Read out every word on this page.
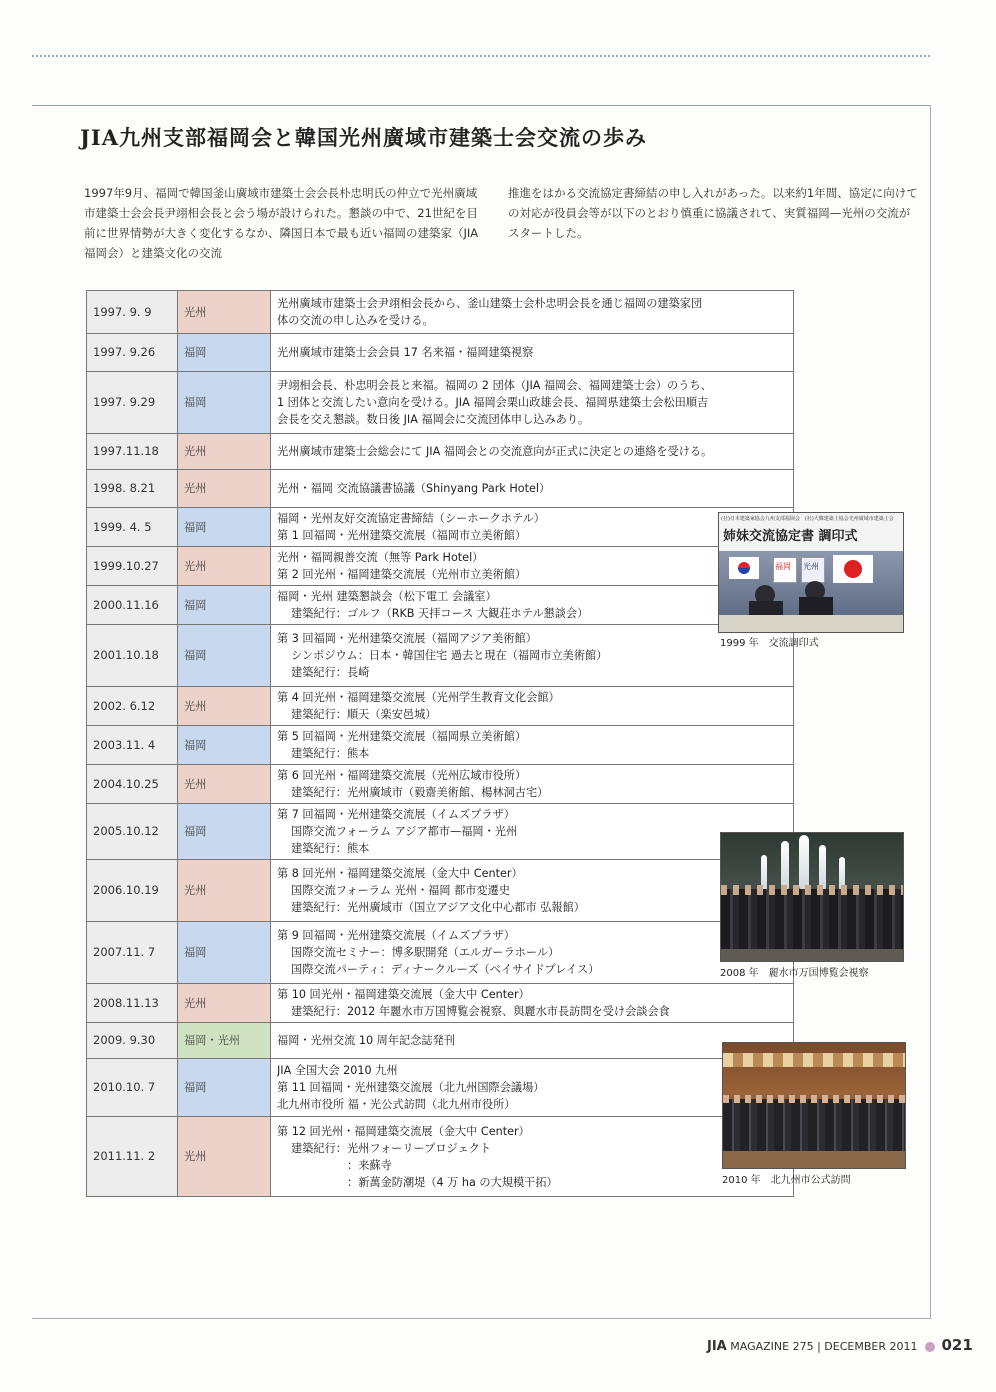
JIA九州支部福岡会と韓国光州廣域市建築士会交流の歩み
1997年9月、福岡で韓国釜山廣域市建築士会会長朴忠明氏の仲立で光州廣域市建築士会会長尹翊相会長と会う場が設けられた。懇談の中で、21世紀を目前に世界情勢が大きく変化するなか、隣国日本で最も近い福岡の建築家（JIA福岡会）と建築文化の交流
推進をはかる交流協定書締結の申し入れがあった。以来約1年間、協定に向けての対応が役員会等が以下のとおり慎重に協議されて、実質福岡—光州の交流がスタートした。
1997. 9. 9	光州	光州廣域市建築士会尹翊相会長から、釜山建築士会朴忠明会長を通じ福岡の建築家団
体の交流の申し込みを受ける。

1997. 9.26	福岡	光州廣域市建築士会会員 17 名来福・福岡建築視察

1997. 9.29	福岡	尹翊相会長、朴忠明会長と来福。福岡の 2 団体（JIA 福岡会、福岡建築士会）のうち、
1 団体と交流したい意向を受ける。JIA 福岡会栗山政雄会長、福岡県建築士会松田順吉
会長を交え懇談。数日後 JIA 福岡会に交流団体申し込みあり。

1997.11.18	光州	光州廣域市建築士会総会にて JIA 福岡会との交流意向が正式に決定との連絡を受ける。

1998. 8.21	光州	光州・福岡 交流協議書協議（Shinyang Park Hotel）

1999. 4. 5	福岡	福岡・光州友好交流協定書締結（シーホークホテル）
第 1 回福岡・光州建築交流展（福岡市立美術館）

1999.10.27	光州	光州・福岡親善交流（無等 Park Hotel）
第 2 回光州・福岡建築交流展（光州市立美術館）

2000.11.16	福岡	福岡・光州 建築懇談会（松下電工 会議室）
建築紀行：ゴルフ（RKB 天拝コース 大観荘ホテル懇談会）

2001.10.18	福岡	第 3 回福岡・光州建築交流展（福岡アジア美術館）
シンポジウム：日本・韓国住宅 過去と現在（福岡市立美術館）
建築紀行：長崎

2002. 6.12	光州	第 4 回光州・福岡建築交流展（光州学生教育文化会館）
建築紀行：順天（楽安邑城）

2003.11. 4	福岡	第 5 回福岡・光州建築交流展（福岡県立美術館）
建築紀行：熊本

2004.10.25	光州	第 6 回光州・福岡建築交流展（光州広域市役所）
建築紀行：光州廣域市（毅齋美術館、楊林洞古宅）

2005.10.12	福岡	第 7 回福岡・光州建築交流展（イムズプラザ）
国際交流フォーラム アジア都市—福岡・光州
建築紀行：熊本

2006.10.19	光州	第 8 回光州・福岡建築交流展（金大中 Center）
国際交流フォーラム 光州・福岡 都市変遷史
建築紀行：光州廣域市（国立アジア文化中心都市 弘報館）

2007.11. 7	福岡	第 9 回福岡・光州建築交流展（イムズプラザ）
国際交流セミナー：博多駅開発（エルガーラホール）
国際交流パーティ：ディナークルーズ（ベイサイドプレイス）

2008.11.13	光州	第 10 回光州・福岡建築交流展（金大中 Center）
建築紀行：2012 年麗水市万国博覧会視察、與麗水市長訪問を受け会談会食

2009. 9.30	福岡・光州	福岡・光州交流 10 周年記念誌発刊

2010.10. 7	福岡	JIA 全国大会 2010 九州
第 11 回福岡・光州建築交流展（北九州国際会議場）
北九州市役所 福・光公式訪問（北九州市役所）

2011.11. 2	光州	第 12 回光州・福岡建築交流展（金大中 Center）
建築紀行：光州フォーリープロジェクト
：来蘇寺
：新萬金防潮堤（4 万 ha の大規模干拓）
(社)日本建築家協会九州支部福岡会　(社)大韓建築士協会光州廣域市建築士会
姉妹交流協定書 調印式
福岡 光州
1999 年　交流調印式
2008 年　麗水市万国博覧会視察
2010 年　北九州市公式訪問
JIA MAGAZINE 275 | DECEMBER 2011 021
